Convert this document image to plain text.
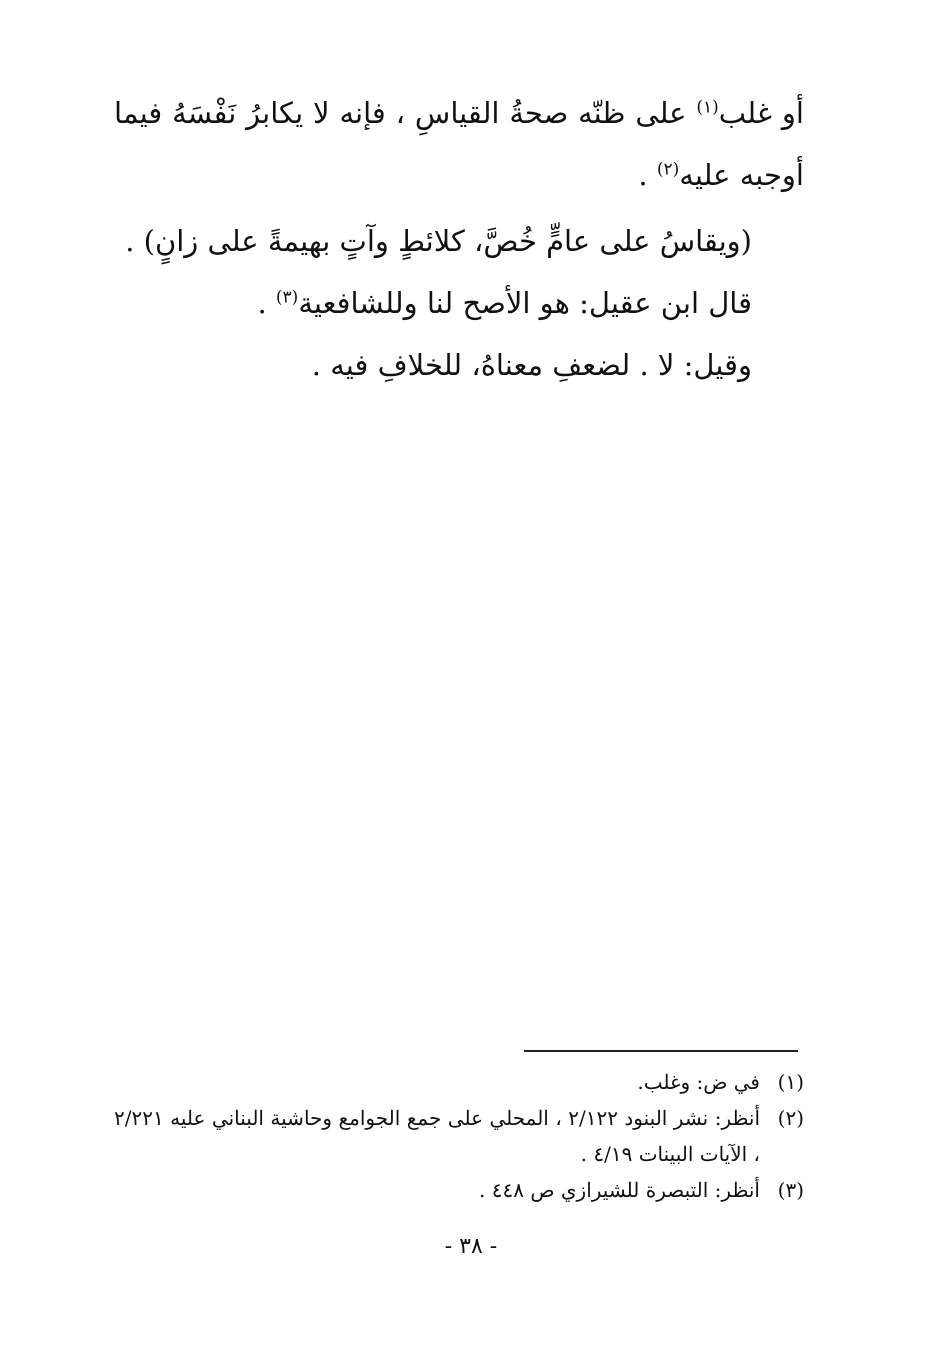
أو غلب$^{(١)}$ على ظنّه صحةُ القياسِ ، فإنه لا يكابرُ نَفْسَهُ فيما أوجبه عليه$^{(٢)}$ .

(ويقاسُ على عامٍّ خُصَّ، كلائطٍ وآتٍ بهيمةً على زانٍ) .

قال ابن عقيل: هو الأصح لنا وللشافعية$^{(٣)}$ .

وقيل: لا . لضعفِ معناهُ، للخلافِ فيه .

(١)
في ض: وغلب.

(٢)
أنظر: نشر البنود ٢/١٢٢ ، المحلي على جمع الجوامع وحاشية البناني عليه ٢/٢٢١ ، الآيات البينات ٤/١٩ .

(٣)
أنظر: التبصرة للشيرازي ص ٤٤٨ .

- ٣٨ -
